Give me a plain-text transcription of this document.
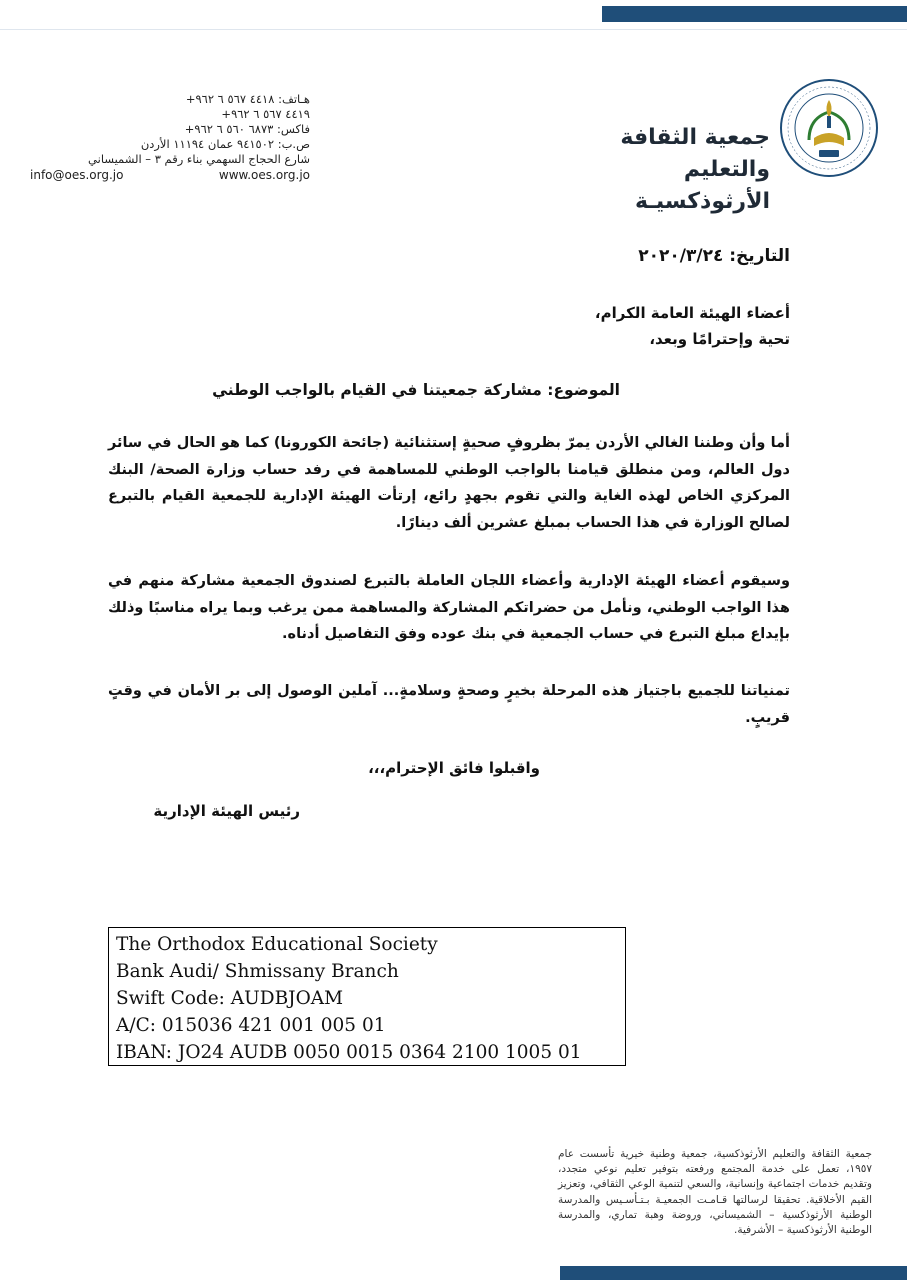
هـاتف: ٤٤١٨ ٥٦٧ ٦ ٩٦٢+
٤٤١٩ ٥٦٧ ٦ ٩٦٢+
فاكس: ٦٨٧٣ ٥٦٠ ٦ ٩٦٢+
ص.ب: ٩٤١٥٠٢ عمان ١١١٩٤ الأردن
شارع الحجاج السهمي بناء رقم ٣ – الشميساني
info@oes.org.jo	www.oes.org.jo
جمعية الثقافة
والتعليم الأرثوذكسيـة
التاريخ: ٢٠٢٠/٣/٢٤
أعضاء الهيئة العامة الكرام،
تحية وإحترامًا وبعد،
الموضوع: مشاركة جمعيتنا في القيام بالواجب الوطني
أما وأن وطننا الغالي الأردن يمرّ بظروفٍ صحيةٍ إستثنائية (جائحة الكورونا) كما هو الحال في سائر دول العالم، ومن منطلق قيامنا بالواجب الوطني للمساهمة في رفد حساب وزارة الصحة/ البنك المركزي الخاص لهذه الغاية والتي تقوم بجهدٍ رائع، إرتأت الهيئة الإدارية للجمعية القيام بالتبرع لصالح الوزارة في هذا الحساب بمبلغ عشرين ألف دينارًا.
وسيقوم أعضاء الهيئة الإدارية وأعضاء اللجان العاملة بالتبرع لصندوق الجمعية مشاركة منهم في هذا الواجب الوطني، ونأمل من حضراتكم المشاركة والمساهمة ممن يرغب وبما يراه مناسبًا وذلك بإيداع مبلغ التبرع في حساب الجمعية في بنك عوده وفق التفاصيل أدناه.
تمنياتنا للجميع باجتياز هذه المرحلة بخيرٍ وصحةٍ وسلامةٍ... آملين الوصول إلى بر الأمان في وقتٍ قريبٍ.
واقبلوا فائق الإحترام،،،
رئيس الهيئة الإدارية
The Orthodox Educational Society
Bank Audi/ Shmissany Branch
Swift Code: AUDBJOAM
A/C: 015036 421 001 005 01
IBAN: JO24 AUDB 0050 0015 0364 2100 1005 01
جمعية الثقافة والتعليم الأرثوذكسية، جمعية وطنية خيرية تأسست عام ١٩٥٧، تعمل على خدمة المجتمع ورفعته بتوفير تعليم نوعي متجدد، وتقديم خدمات اجتماعية وإنسانية، والسعي لتنمية الوعي الثقافي، وتعزيز القيم الأخلاقية. تحقيقا لرسالتها قـامـت الجمعيـة بـتـأسـيس والمدرسة الوطنية الأرثوذكسية – الشميساني، وروضة وهبة تماري، والمدرسة الوطنية الأرثوذكسية – الأشرفية.
